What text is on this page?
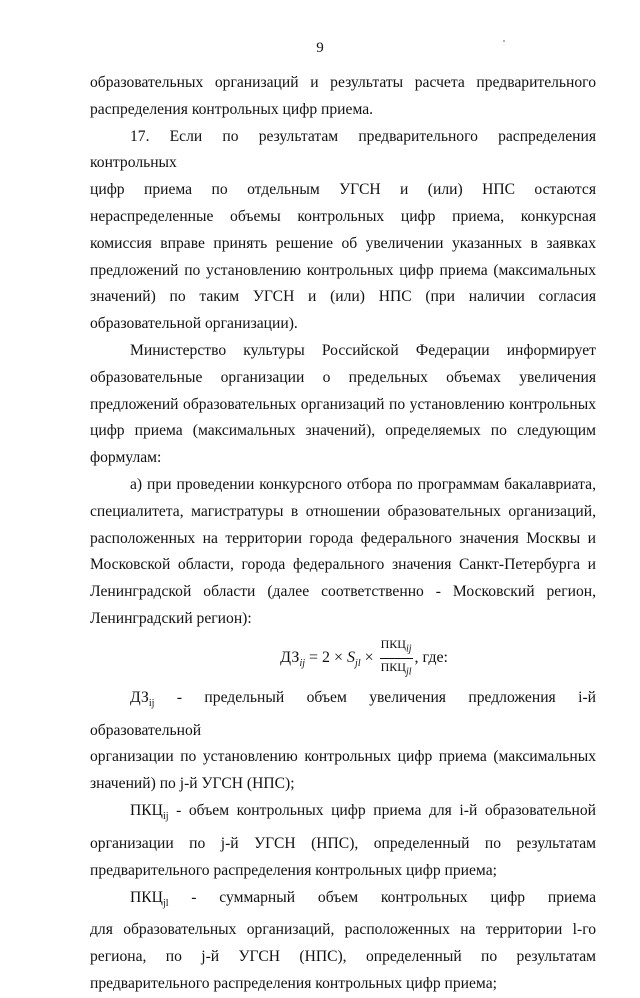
9

образовательных организаций и результаты расчета предварительного
распределения контрольных цифр приема.

17. Если по результатам предварительного распределения контрольных
цифр приема по отдельным УГСН и (или) НПС остаются нераспределенные объемы контрольных цифр приема, конкурсная комиссия вправе принять решение об увеличении указанных в заявках предложений по установлению контрольных цифр приема (максимальных значений) по таким УГСН и (или) НПС (при наличии согласия образовательной организации).

Министерство культуры Российской Федерации информирует
образовательные организации о предельных объемах увеличения предложений образовательных организаций по установлению контрольных цифр приема (максимальных значений), определяемых по следующим формулам:

а) при проведении конкурсного отбора по программам бакалавриата,
специалитета, магистратуры в отношении образовательных организаций, расположенных на территории города федерального значения Москвы и Московской области, города федерального значения Санкт-Петербурга и Ленинградской области (далее соответственно - Московский регион, Ленинградский регион):

$ДЗ_{ij} = 2 \times S_{jl} \times \frac{ПКЦ_{ij}}{ПКЦ_{jl}}$ , где:

$ДЗ_{ij}$ - предельный объем увеличения предложения i-й образовательной
организации по установлению контрольных цифр приема (максимальных значений) по j-й УГСН (НПС);

$ПКЦ_{ij}$ - объем контрольных цифр приема для i-й образовательной
организации по j-й УГСН (НПС), определенный по результатам предварительного распределения контрольных цифр приема;

$ПКЦ_{jl}$ - суммарный объем контрольных цифр приема
для образовательных организаций, расположенных на территории l-го региона, по j-й УГСН (НПС), определенный по результатам предварительного распределения контрольных цифр приема;
